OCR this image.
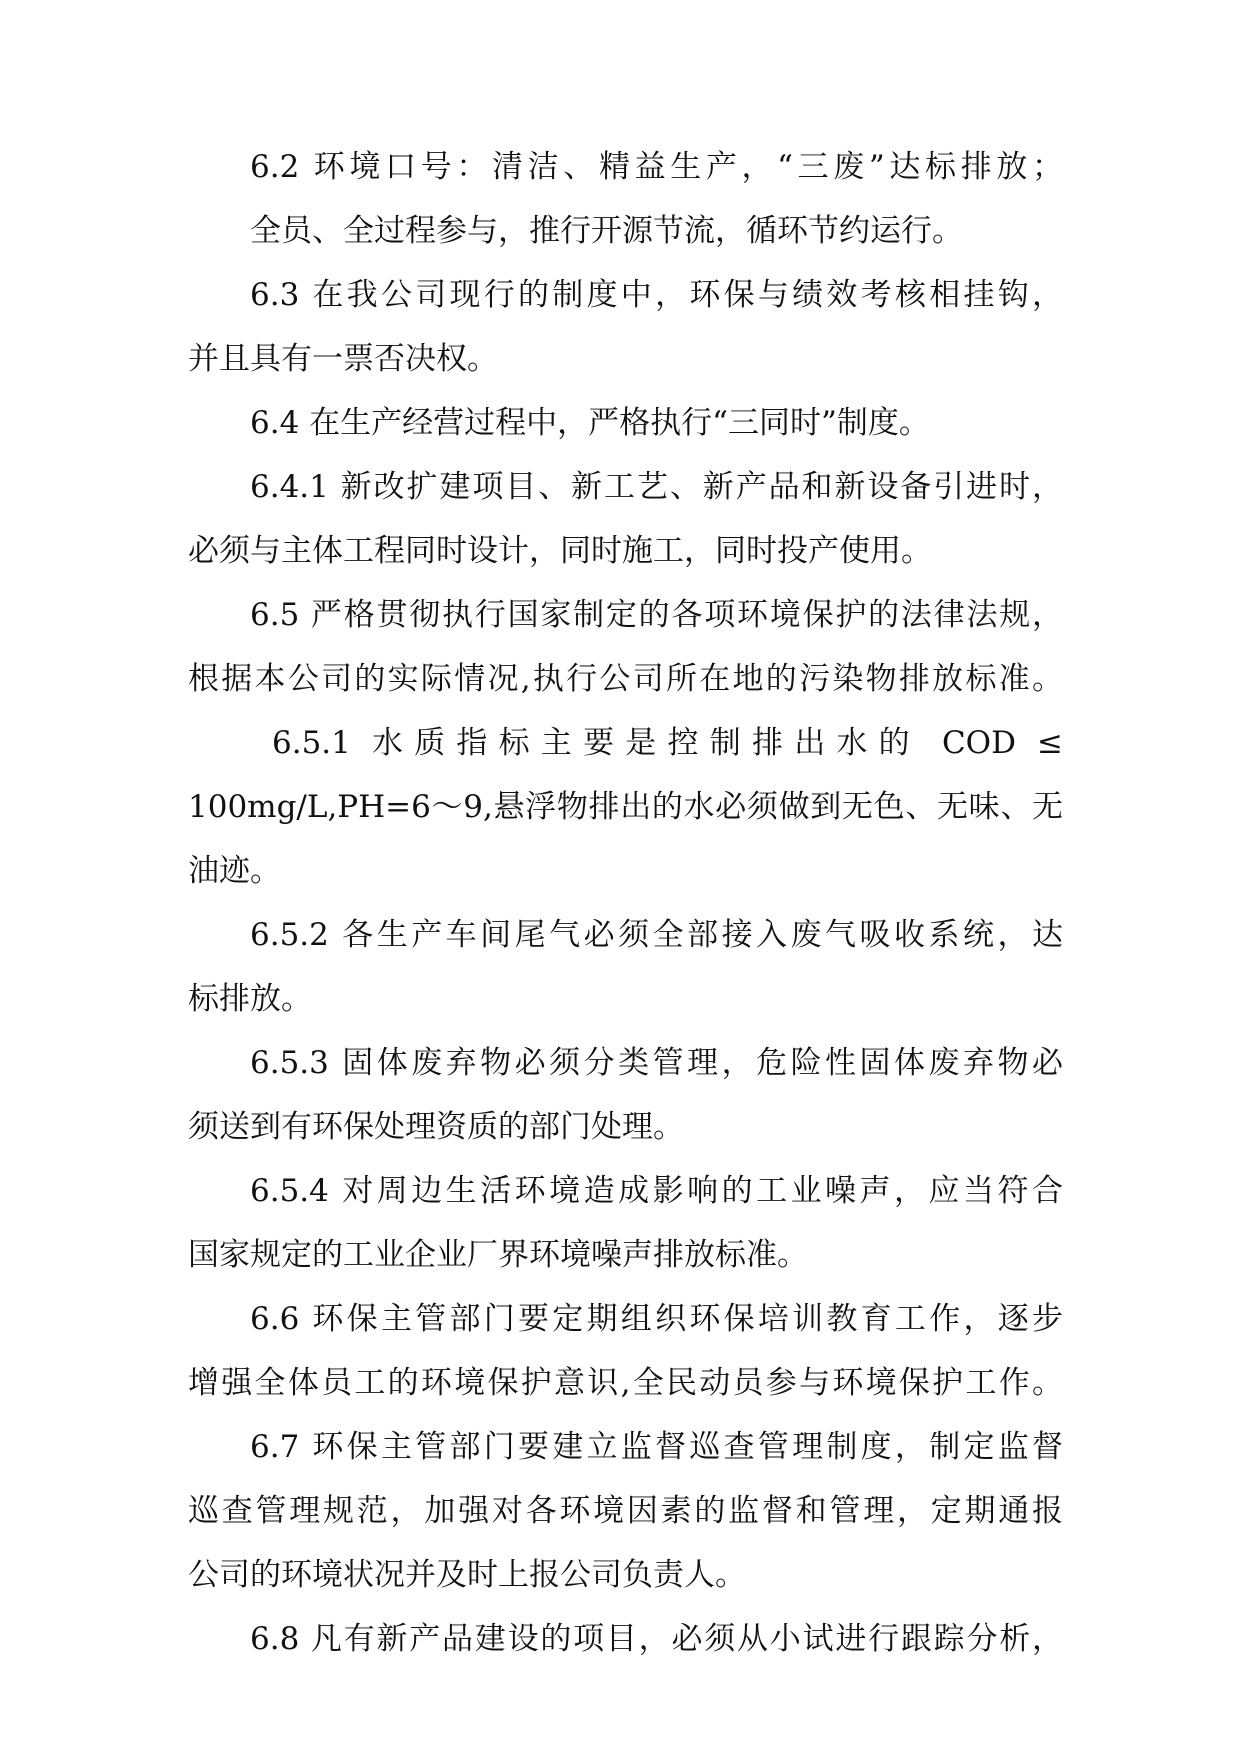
6.2 环境口号：清洁、精益生产，“三废”达标排放；

全员、全过程参与，推行开源节流，循环节约运行。

6.3 在我公司现行的制度中，环保与绩效考核相挂钩，

并且具有一票否决权。

6.4 在生产经营过程中，严格执行“三同时”制度。

6.4.1 新改扩建项目、新工艺、新产品和新设备引进时，

必须与主体工程同时设计，同时施工，同时投产使用。

6.5 严格贯彻执行国家制定的各项环境保护的法律法规，

根据本公司的实际情况,执行公司所在地的污染物排放标准。

6.5.1 水质指标主要是控制排出水的 COD ≤

100mg/L,PH=6～9,悬浮物排出的水必须做到无色、无味、无

油迹。

6.5.2 各生产车间尾气必须全部接入废气吸收系统，达

标排放。

6.5.3 固体废弃物必须分类管理，危险性固体废弃物必

须送到有环保处理资质的部门处理。

6.5.4 对周边生活环境造成影响的工业噪声，应当符合

国家规定的工业企业厂界环境噪声排放标准。

6.6 环保主管部门要定期组织环保培训教育工作，逐步

增强全体员工的环境保护意识,全民动员参与环境保护工作。

6.7 环保主管部门要建立监督巡查管理制度，制定监督

巡查管理规范，加强对各环境因素的监督和管理，定期通报

公司的环境状况并及时上报公司负责人。

6.8 凡有新产品建设的项目，必须从小试进行跟踪分析，
